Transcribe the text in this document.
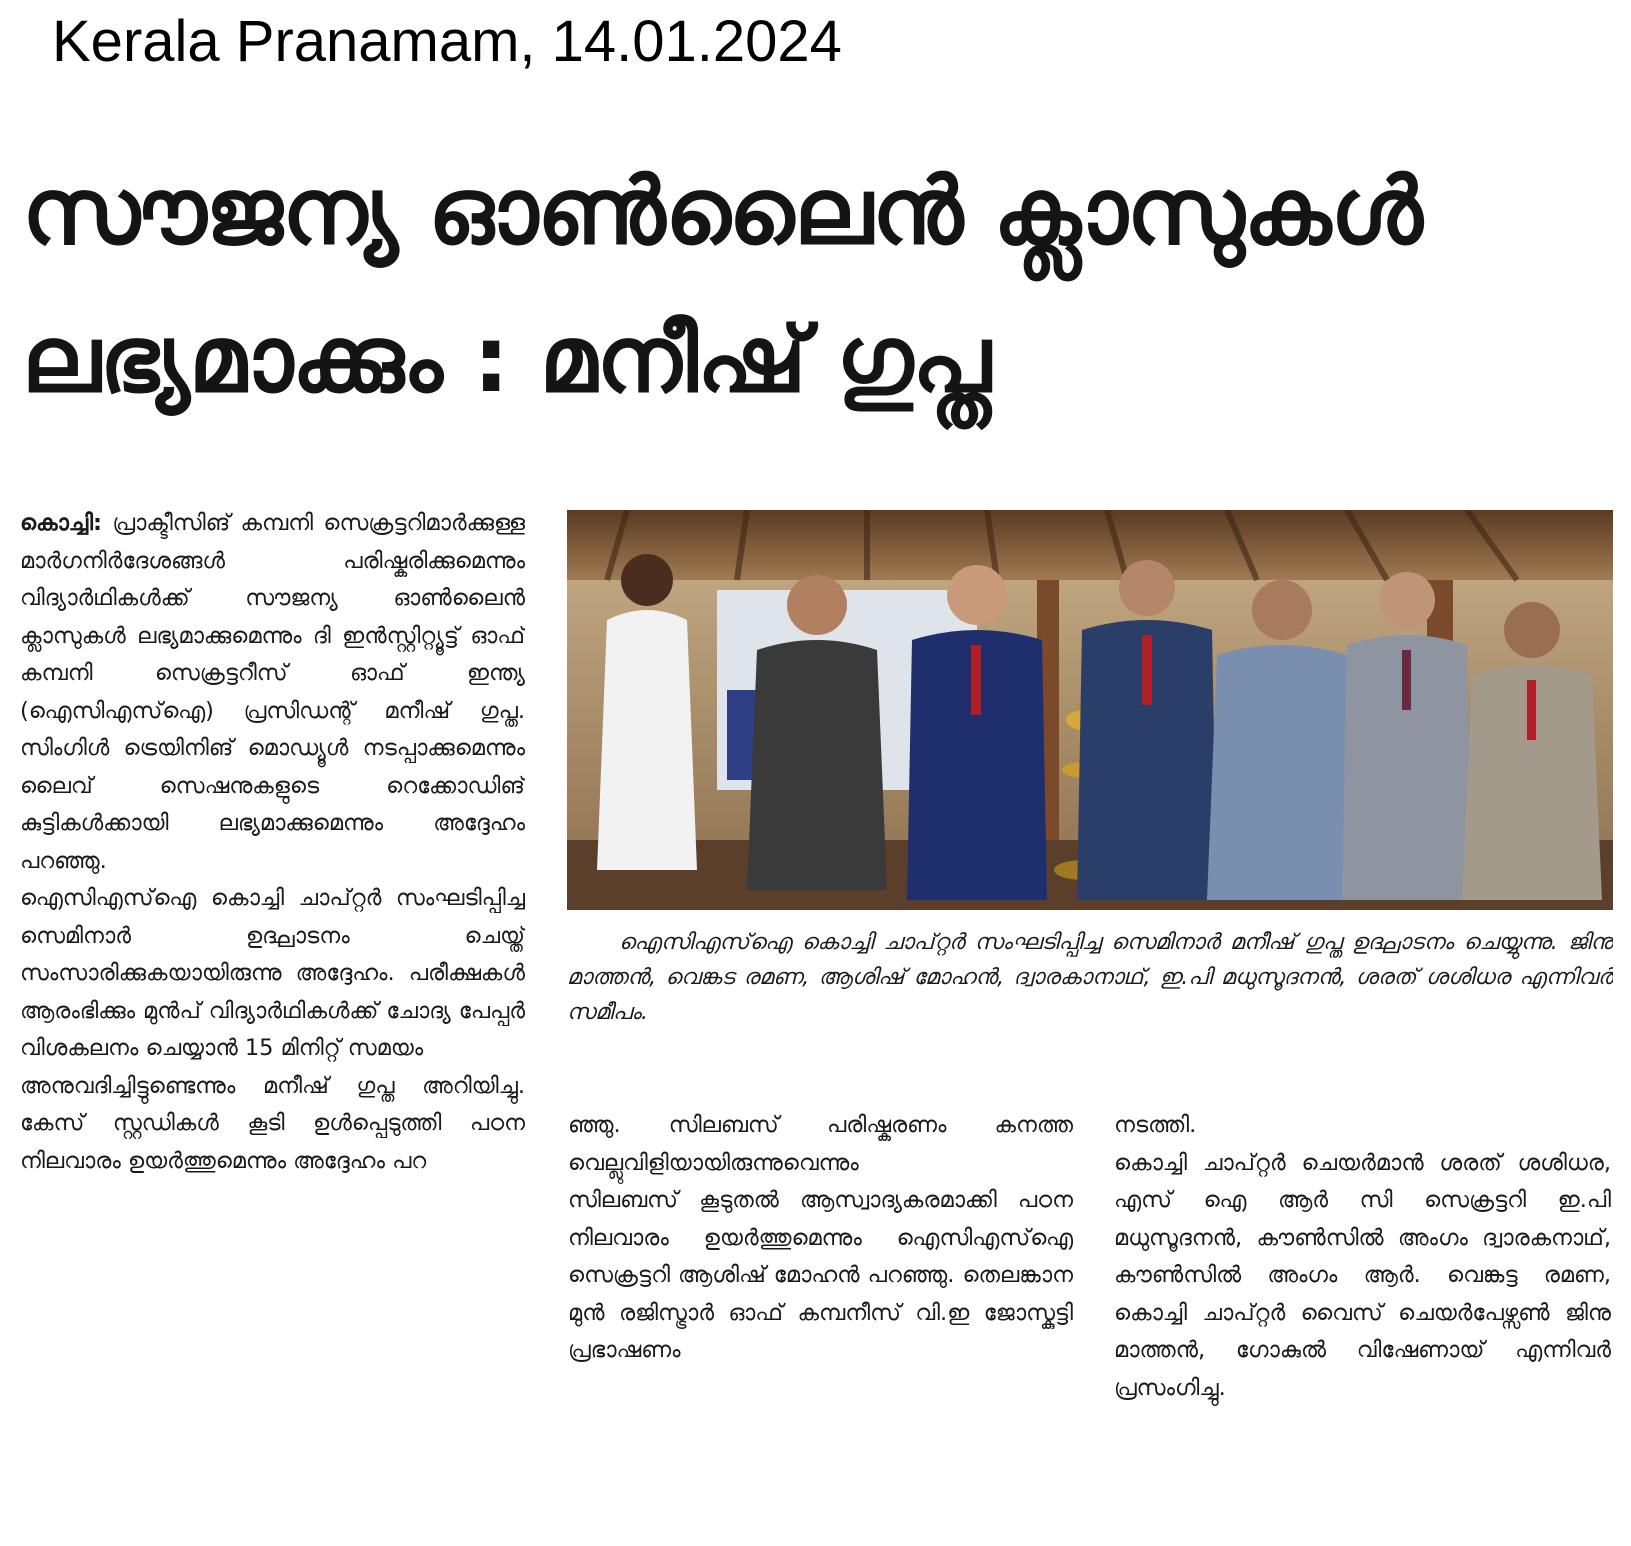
Kerala Pranamam, 14.01.2024
സൗജന്യ ഓൺലൈൻ ക്ലാസുകൾ
ലഭ്യമാക്കും : മനീഷ് ഗുപ്ത

കൊച്ചി: പ്രാക്ടീസിങ് കമ്പനി സെക്രട്ടറിമാർക്കുള്ള മാർഗനിർദേശങ്ങൾ പരിഷ്കരിക്കുമെന്നും വിദ്യാർഥികൾക്ക് സൗജന്യ ഓൺലൈൻ ക്ലാസുകൾ ലഭ്യമാക്കുമെന്നും ദി ഇൻസ്റ്റിറ്റ്യൂട്ട് ഓഫ് കമ്പനി സെക്രട്ടറീസ് ഓഫ് ഇന്ത്യ (ഐസിഎസ്ഐ) പ്രസിഡന്റ് മനീഷ് ഗുപ്ത. സിംഗിൾ ട്രെയിനിങ് മൊഡ്യൂൾ നടപ്പാക്കുമെന്നും ലൈവ് സെഷനുകളുടെ റെക്കോഡിങ് കുട്ടികൾക്കായി ലഭ്യമാക്കുമെന്നും അദ്ദേഹം പറഞ്ഞു.

ഐസിഎസ്ഐ കൊച്ചി ചാപ്റ്റർ സംഘടിപ്പിച്ച സെമിനാർ ഉദ്ഘാടനം ചെയ്ത് സംസാരിക്കുകയായിരുന്നു അദ്ദേഹം. പരീക്ഷകൾ ആരംഭിക്കും മുൻപ് വിദ്യാർഥികൾക്ക് ചോദ്യ പേപ്പർ വിശകലനം ചെയ്യാൻ 15 മിനിറ്റ് സമയം

അനുവദിച്ചിട്ടുണ്ടെന്നും മനീഷ് ഗുപ്ത അറിയിച്ചു. കേസ് സ്റ്റഡികൾ കൂടി ഉൾപ്പെടുത്തി പഠന നിലവാരം ഉയർത്തുമെന്നും അദ്ദേഹം പറ

ഐസിഎസ്ഐ കൊച്ചി ചാപ്റ്റർ സംഘടിപ്പിച്ച സെമിനാർ മനീഷ് ഗുപ്ത ഉദ്ഘാടനം ചെയ്യുന്നു. ജിനു മാത്തൻ, വെങ്കട രമണ, ആശിഷ് മോഹൻ, ദ്വാരകാനാഥ്, ഇ.പി മധുസൂദനൻ, ശരത് ശശിധര എന്നിവർ സമീപം.

ഞ്ഞു. സിലബസ് പരിഷ്കരണം കനത്ത വെല്ലുവിളിയായിരുന്നുവെന്നും

സിലബസ് കൂടുതൽ ആസ്വാദ്യകരമാക്കി പഠന നിലവാരം ഉയർത്തുമെന്നും ഐസിഎസ്ഐ സെക്രട്ടറി ആശിഷ് മോഹൻ പറഞ്ഞു. തെലങ്കാന മുൻ രജിസ്ട്രാർ ഓഫ് കമ്പനീസ് വി.ഇ ജോസ്കുട്ടി പ്രഭാഷണം

നടത്തി.

കൊച്ചി ചാപ്റ്റർ ചെയർമാൻ ശരത് ശശിധര, എസ് ഐ ആർ സി സെക്രട്ടറി ഇ.പി മധുസൂദനൻ, കൗൺസിൽ അംഗം ദ്വാരകനാഥ്, കൗൺസിൽ അംഗം ആർ. വെങ്കട്ട രമണ, കൊച്ചി ചാപ്റ്റർ വൈസ് ചെയർപേഴ്സൺ ജിനു മാത്തൻ, ഗോകുൽ വിഷേണായ് എന്നിവർ പ്രസംഗിച്ചു.
